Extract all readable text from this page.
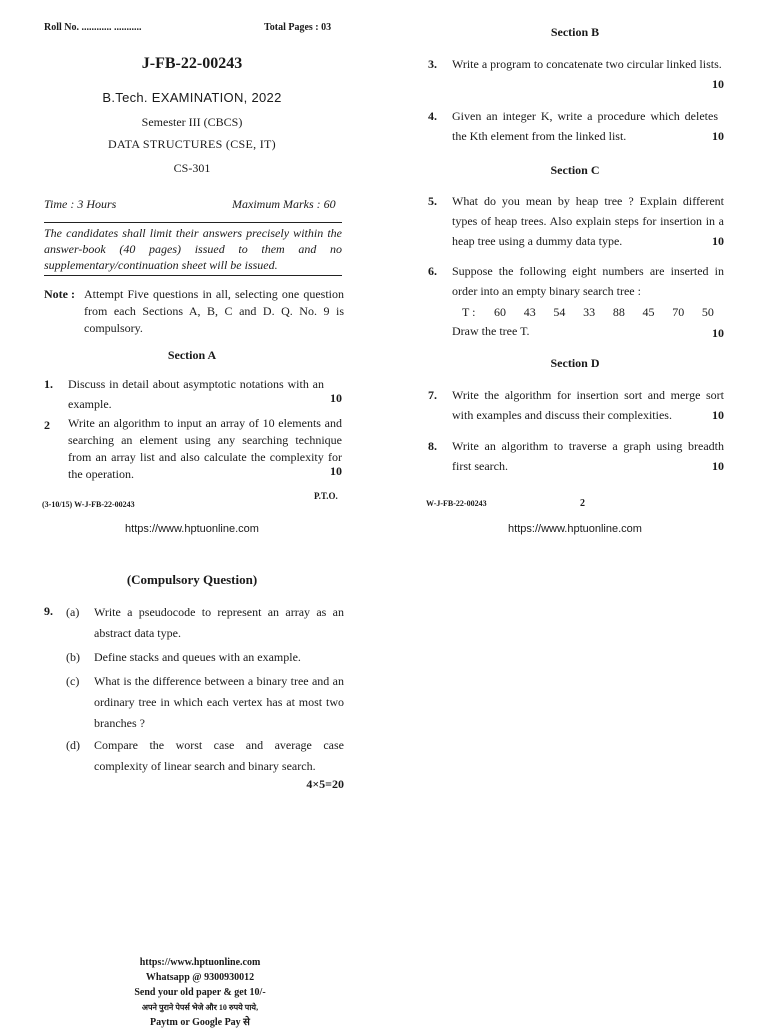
Roll No. ............ ...........	Total Pages : 03
J-FB-22-00243
B.Tech. EXAMINATION, 2022
Semester III (CBCS)
DATA STRUCTURES (CSE, IT)
CS-301
Time : 3 Hours	Maximum Marks : 60
The candidates shall limit their answers precisely within the answer-book (40 pages) issued to them and no supplementary/continuation sheet will be issued.
Note : Attempt Five questions in all, selecting one question from each Sections A, B, C and D. Q. No. 9 is compulsory.
Section A
1. Discuss in detail about asymptotic notations with an example.	10
2 Write an algorithm to input an array of 10 elements and searching an element using any searching technique from an array list and also calculate the complexity for the operation.	10
(3-10/15) W-J-FB-22-00243
P.T.O.
https://www.hptuonline.com
Section B
3. Write a program to concatenate two circular linked lists.
10
4. Given an integer K, write a procedure which deletes the Kth element from the linked list.	10
Section C
5. What do you mean by heap tree ? Explain different types of heap trees. Also explain steps for insertion in a heap tree using a dummy data type.	10
6. Suppose the following eight numbers are inserted in order into an empty binary search tree :
T : 60 43 54 33 88 45 70 50
Draw the tree T.	10
Section D
7. Write the algorithm for insertion sort and merge sort with examples and discuss their complexities.	10
8. Write an algorithm to traverse a graph using breadth first search.	10
W-J-FB-22-00243	2
https://www.hptuonline.com
(Compulsory Question)
9. (a) Write a pseudocode to represent an array as an abstract data type.
(b) Define stacks and queues with an example.
(c) What is the difference between a binary tree and an ordinary tree in which each vertex has at most two branches ?
(d) Compare the worst case and average case complexity of linear search and binary search.
4×5=20
https://www.hptuonline.com
Whatsapp @ 9300930012
Send your old paper & get 10/-
अपने पुराने पेपर्स भेजे और 10 रुपये पाये,
Paytm or Google Pay से
